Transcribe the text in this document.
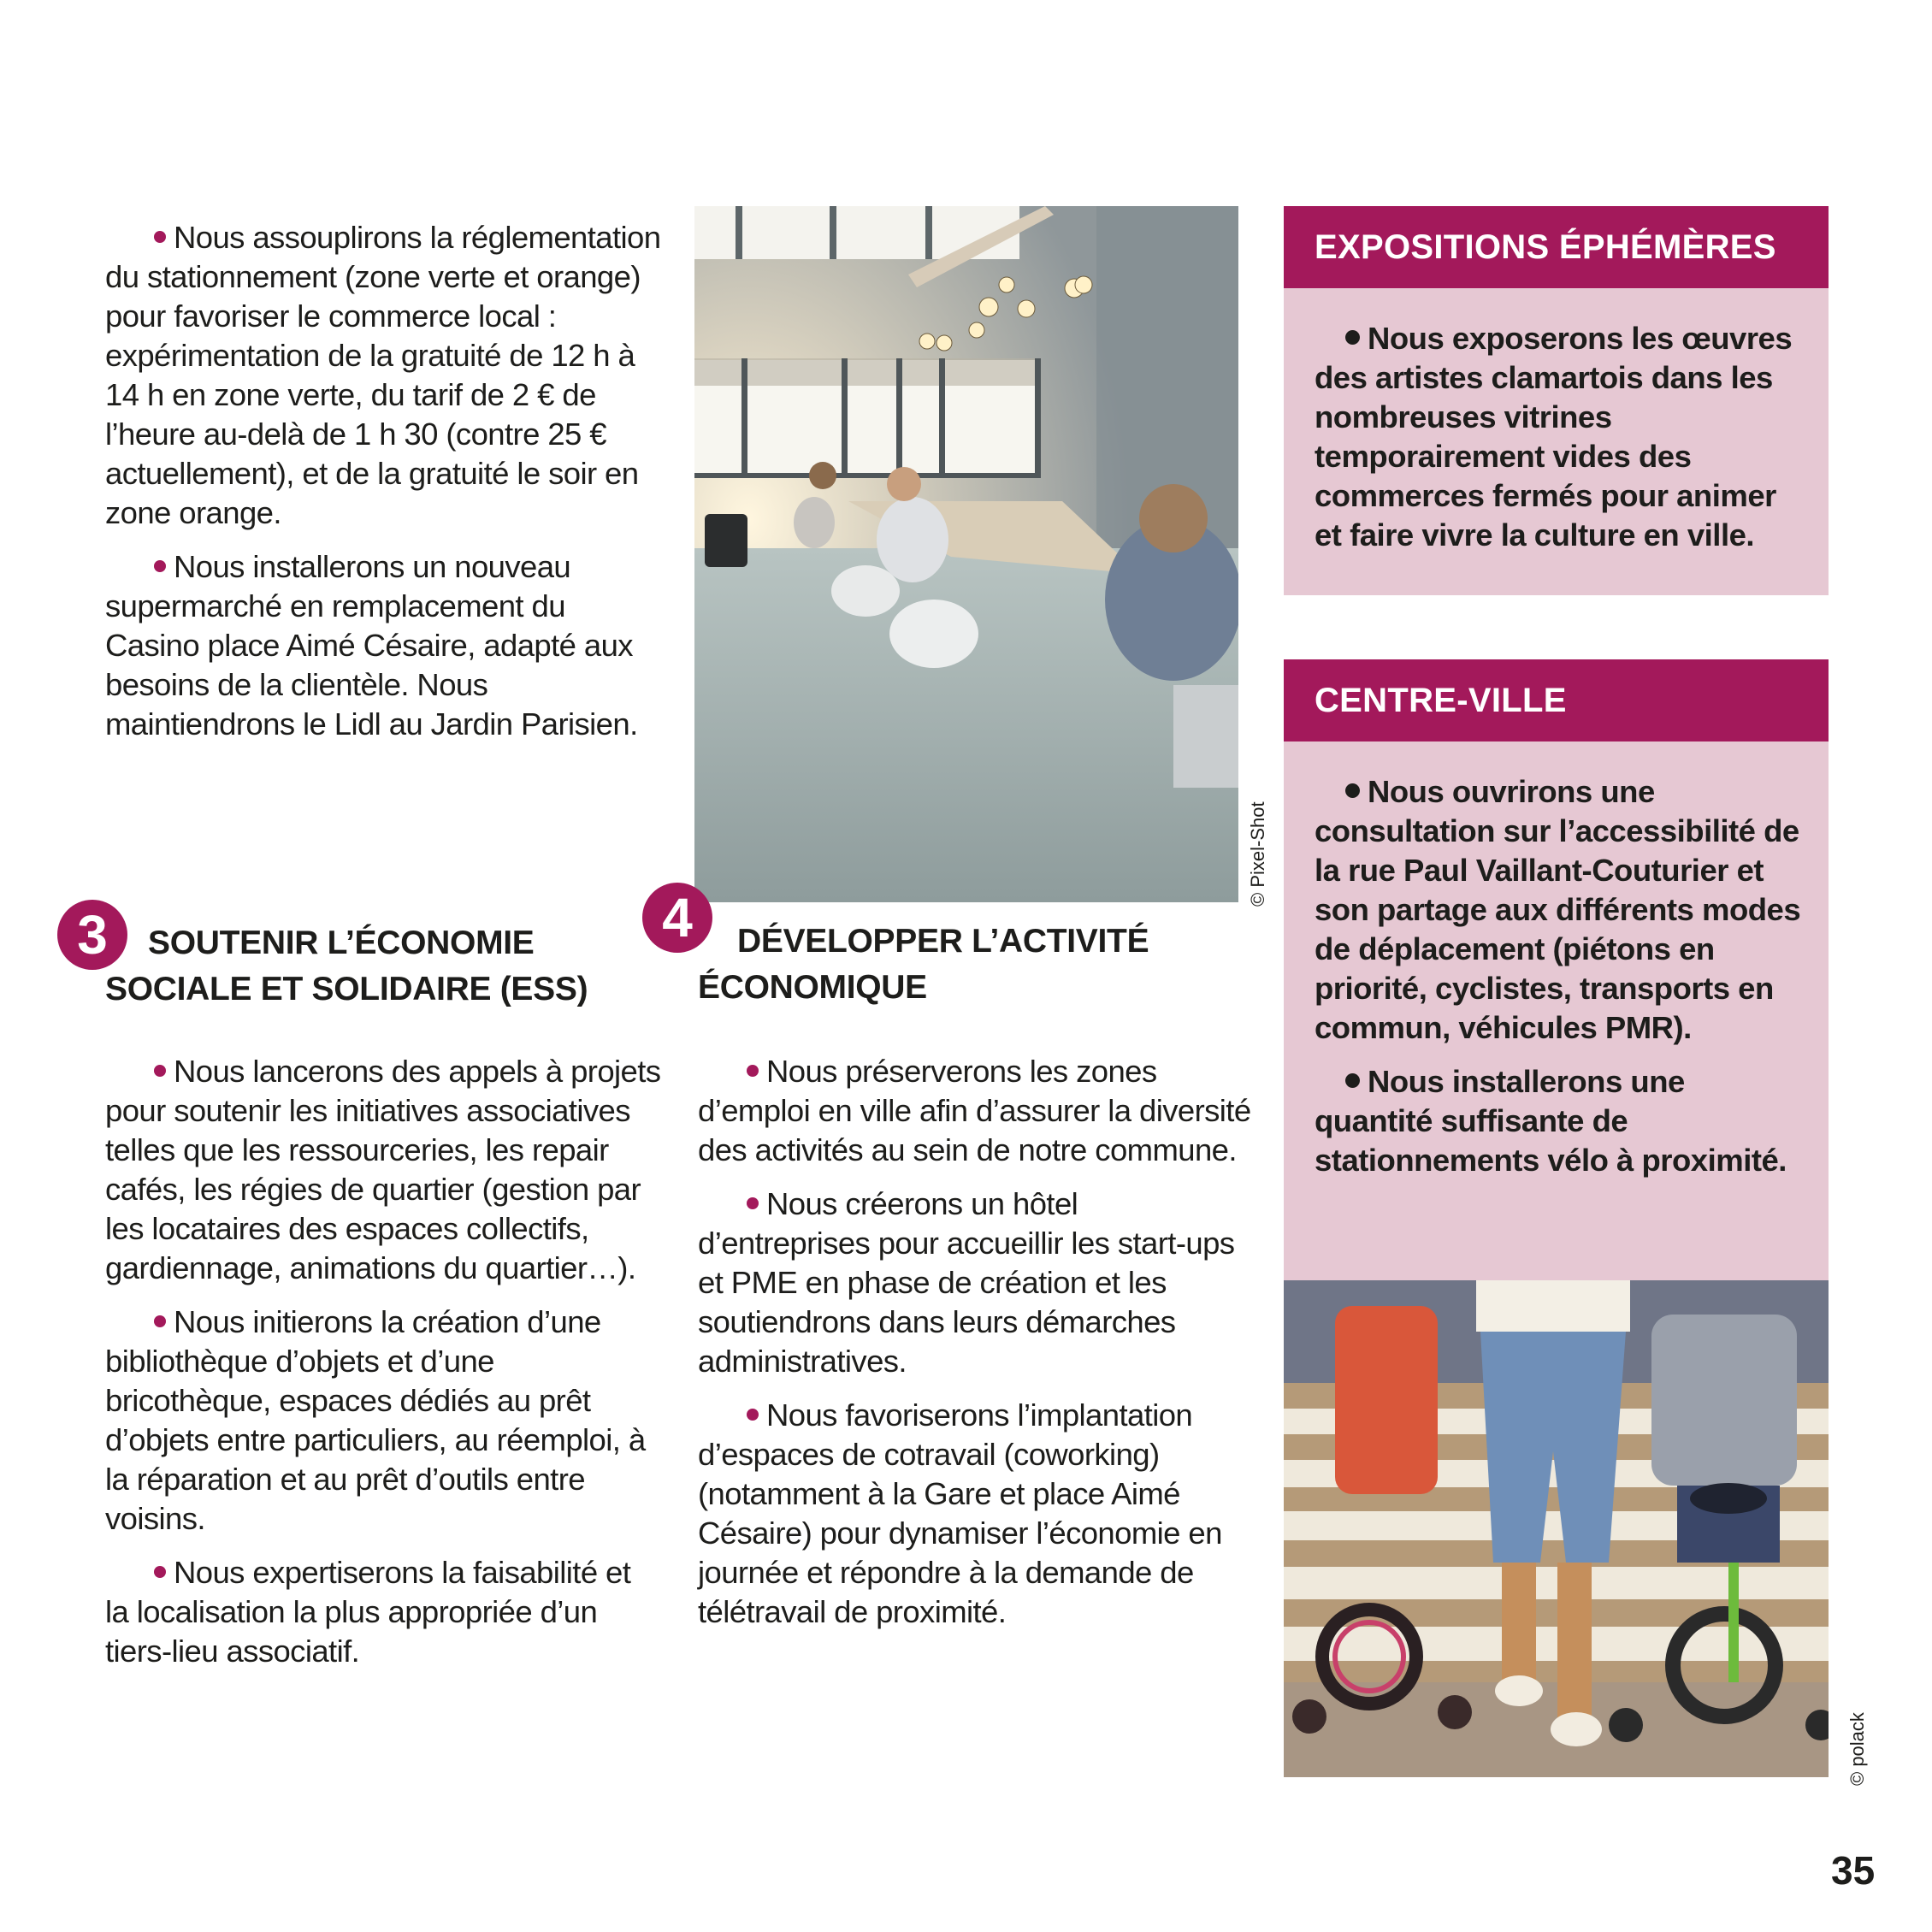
Nous assouplirons la réglementation du stationnement (zone verte et orange) pour favoriser le commerce local : expérimentation de la gratuité de 12 h à 14 h en zone verte, du tarif de 2 € de l’heure au-delà de 1 h 30 (contre 25 € actuellement), et de la gratuité le soir en zone orange.

Nous installerons un nouveau supermarché en remplacement du Casino place Aimé Césaire, adapté aux besoins de la clientèle. Nous maintiendrons le Lidl au Jardin Parisien.

3	SOUTENIR L’ÉCONOMIE

SOCIALE ET SOLIDAIRE (ESS)

Nous lancerons des appels à projets pour soutenir les initiatives associatives telles que les ressourceries, les repair cafés, les régies de quartier (gestion par les locataires des espaces collectifs, gardiennage, animations du quartier…).

Nous initierons la création d’une bibliothèque d’objets et d’une bricothèque, espaces dédiés au prêt d’objets entre particuliers, au réemploi, à la réparation et au prêt d’outils entre voisins.

Nous expertiserons la faisabilité et la localisation la plus appropriée d’un tiers-lieu associatif.

© Pixel-Shot
4	DÉVELOPPER L’ACTIVITÉ

ÉCONOMIQUE

Nous préserverons les zones d’emploi en ville afin d’assurer la diversité des activités au sein de notre commune.

Nous créerons un hôtel d’entreprises pour accueillir les start-ups et PME en phase de création et les soutiendrons dans leurs démarches administratives.

Nous favoriserons l’implantation d’espaces de cotravail (coworking) (notamment à la Gare et place Aimé Césaire) pour dynamiser l’économie en journée et répondre à la demande de télétravail de proximité.

EXPOSITIONS ÉPHÉMÈRES

Nous exposerons les œuvres des artistes clamartois dans les nombreuses vitrines temporairement vides des commerces fermés pour animer et faire vivre la culture en ville.

CENTRE-VILLE

Nous ouvrirons une consultation sur l’accessibilité de la rue Paul Vaillant-Couturier et son partage aux différents modes de déplacement (piétons en priorité, cyclistes, transports en commun, véhicules PMR).

Nous installerons une quantité suffisante de stationnements vélo à proximité.

© polack
35
